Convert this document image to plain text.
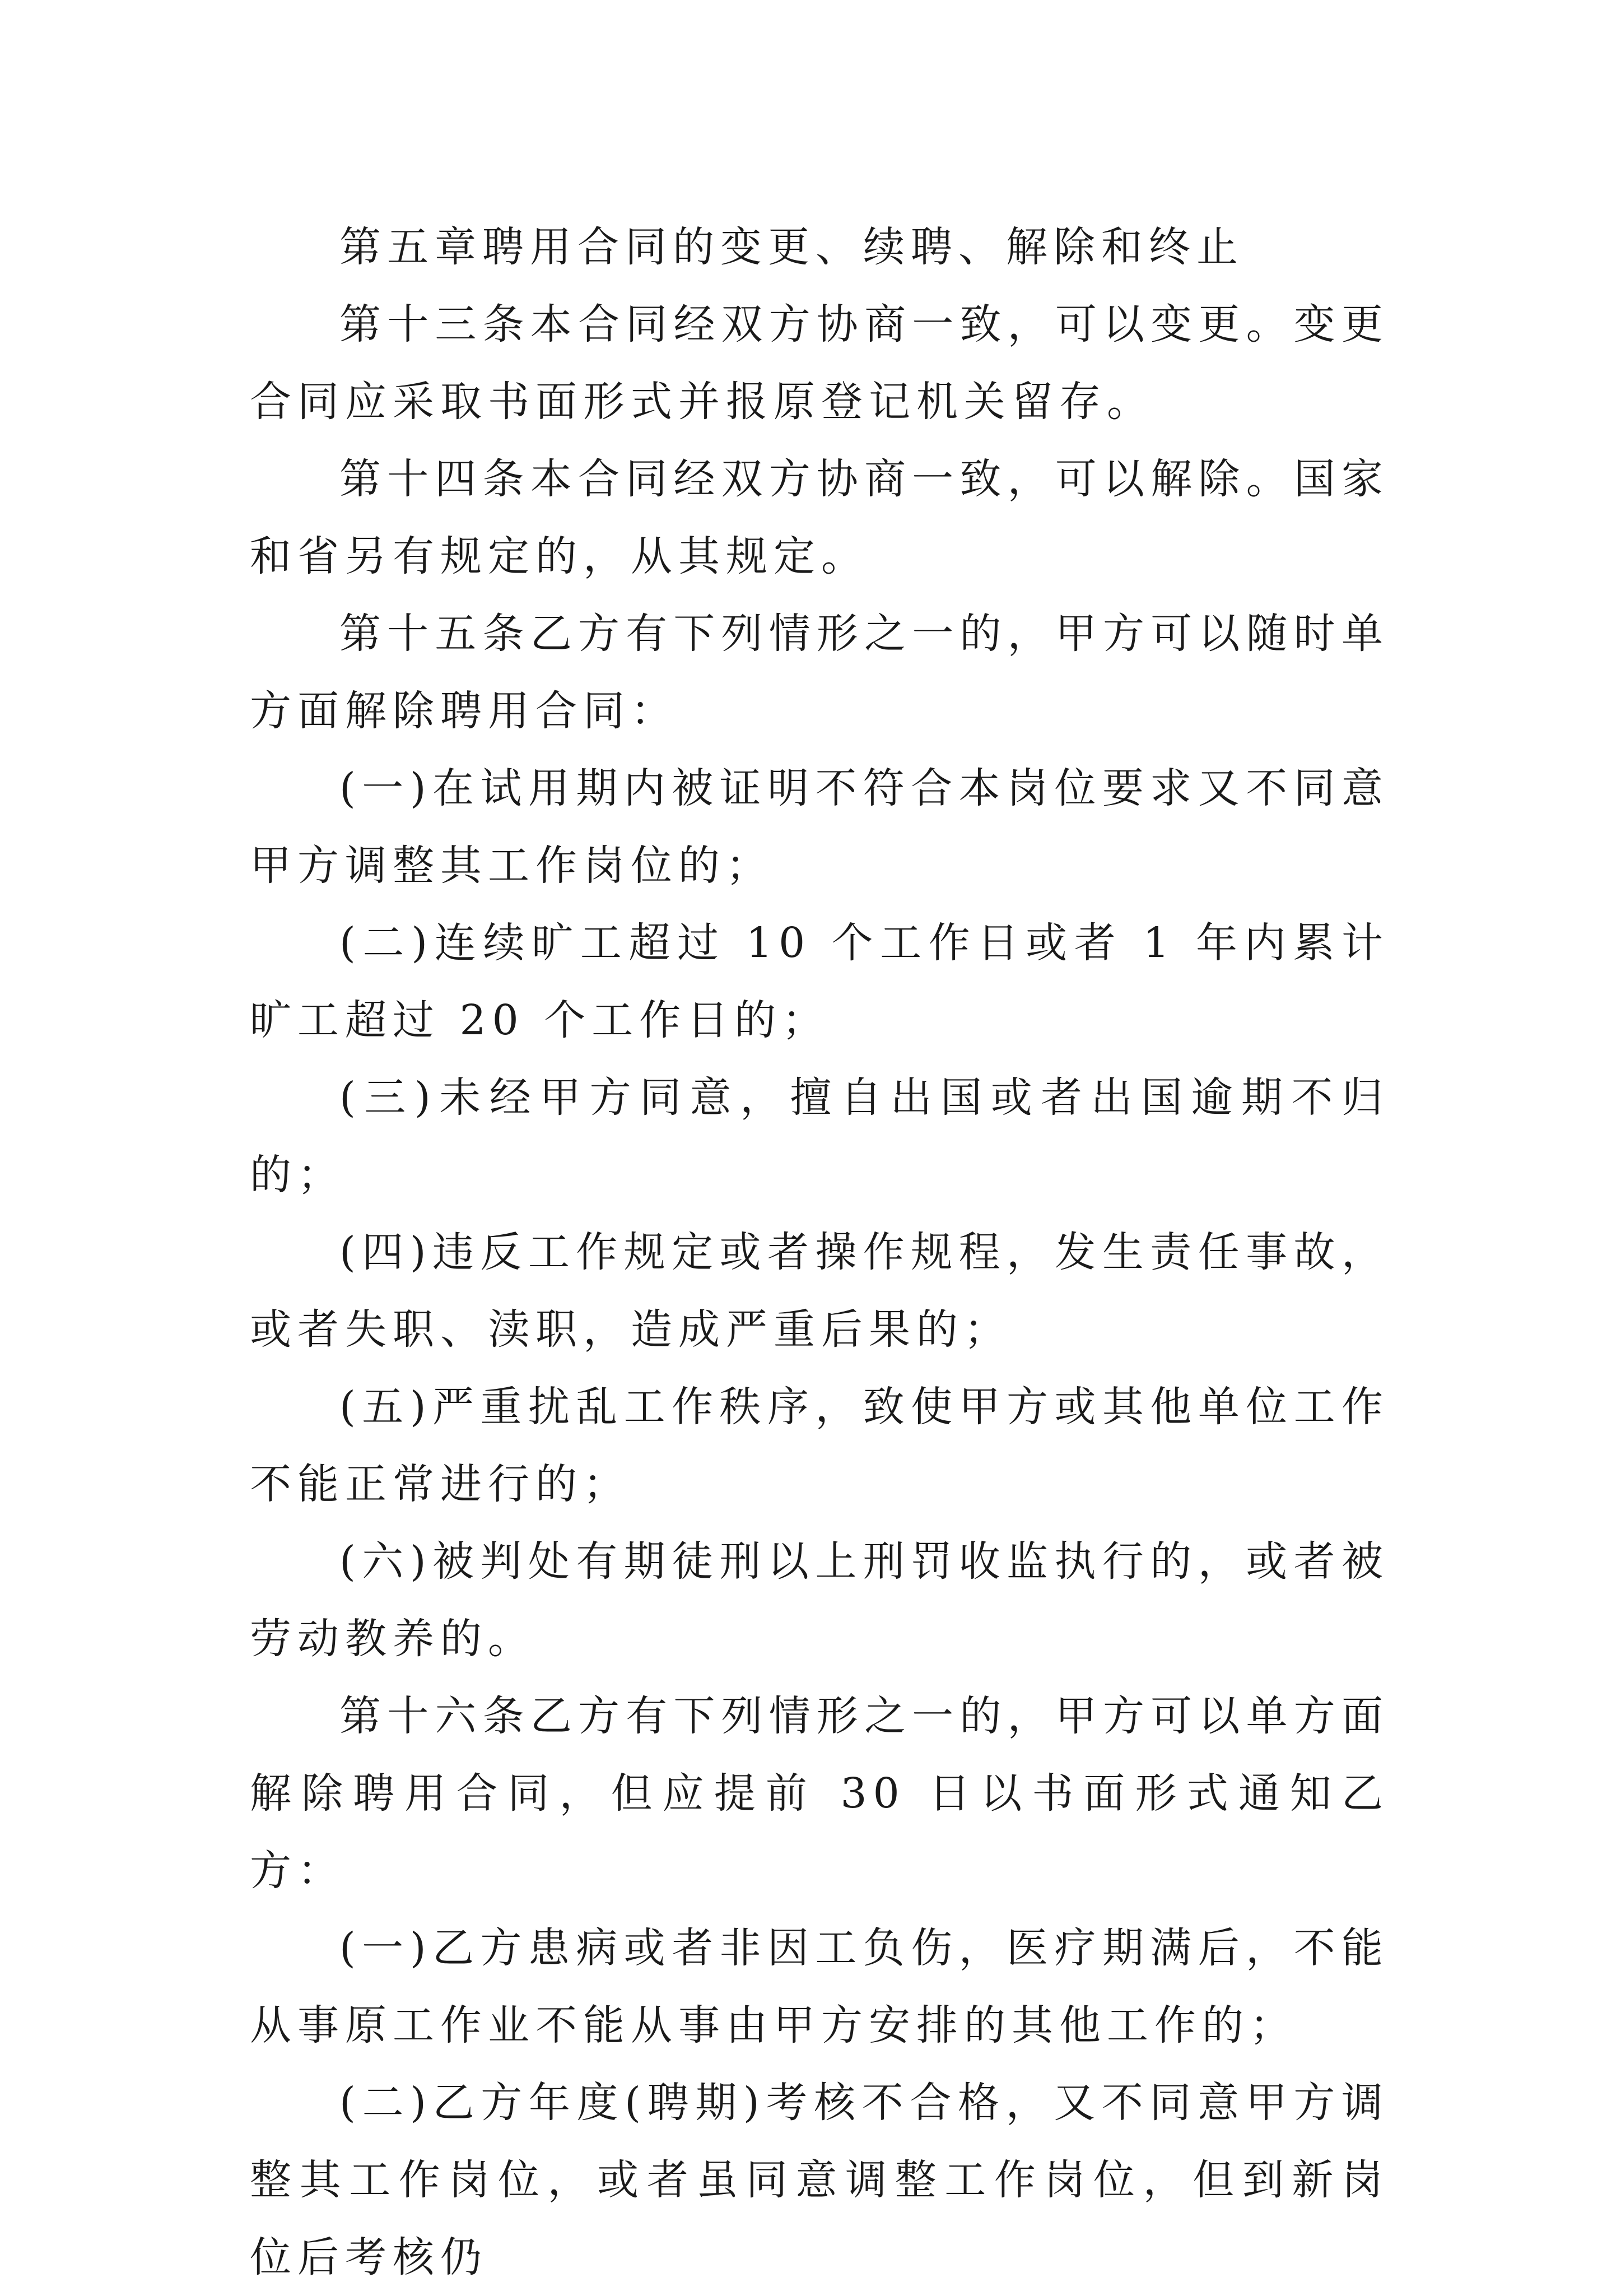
第五章聘用合同的变更、续聘、解除和终止

第十三条本合同经双方协商一致，可以变更。变更合同应采取书面形式并报原登记机关留存。

第十四条本合同经双方协商一致，可以解除。国家和省另有规定的，从其规定。

第十五条乙方有下列情形之一的，甲方可以随时单方面解除聘用合同：

(一)在试用期内被证明不符合本岗位要求又不同意甲方调整其工作岗位的；

(二)连续旷工超过 10 个工作日或者 1 年内累计旷工超过 20 个工作日的；

(三)未经甲方同意，擅自出国或者出国逾期不归的；

(四)违反工作规定或者操作规程，发生责任事故，或者失职、渎职，造成严重后果的；

(五)严重扰乱工作秩序，致使甲方或其他单位工作不能正常进行的；

(六)被判处有期徒刑以上刑罚收监执行的，或者被劳动教养的。

第十六条乙方有下列情形之一的，甲方可以单方面解除聘用合同，但应提前 30 日以书面形式通知乙方：

(一)乙方患病或者非因工负伤，医疗期满后，不能从事原工作业不能从事由甲方安排的其他工作的；

(二)乙方年度(聘期)考核不合格，又不同意甲方调整其工作岗位，或者虽同意调整工作岗位，但到新岗位后考核仍
